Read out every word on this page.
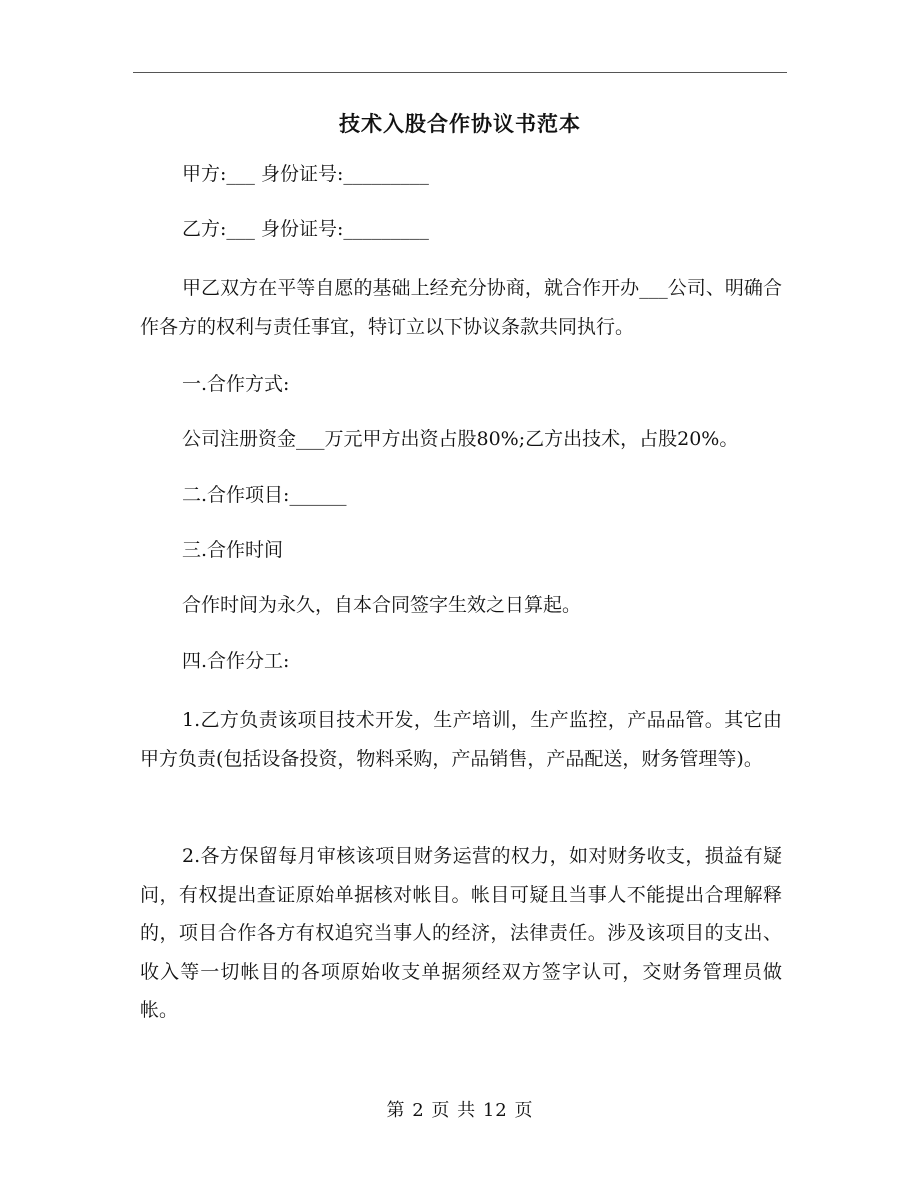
技术入股合作协议书范本

甲方:___ 身份证号:_________

乙方:___ 身份证号:_________

甲乙双方在平等自愿的基础上经充分协商，就合作开办___公司、明确合作各方的权利与责任事宜，特订立以下协议条款共同执行。

一.合作方式:

公司注册资金___万元甲方出资占股80%;乙方出技术，占股20%。

二.合作项目:______

三.合作时间

合作时间为永久，自本合同签字生效之日算起。

四.合作分工:

1.乙方负责该项目技术开发，生产培训，生产监控，产品品管。其它由甲方负责(包括设备投资，物料采购，产品销售，产品配送，财务管理等)。

2.各方保留每月审核该项目财务运营的权力，如对财务收支，损益有疑问，有权提出查证原始单据核对帐目。帐目可疑且当事人不能提出合理解释的，项目合作各方有权追究当事人的经济，法律责任。涉及该项目的支出、收入等一切帐目的各项原始收支单据须经双方签字认可，交财务管理员做帐。

第 2 页 共 12 页
